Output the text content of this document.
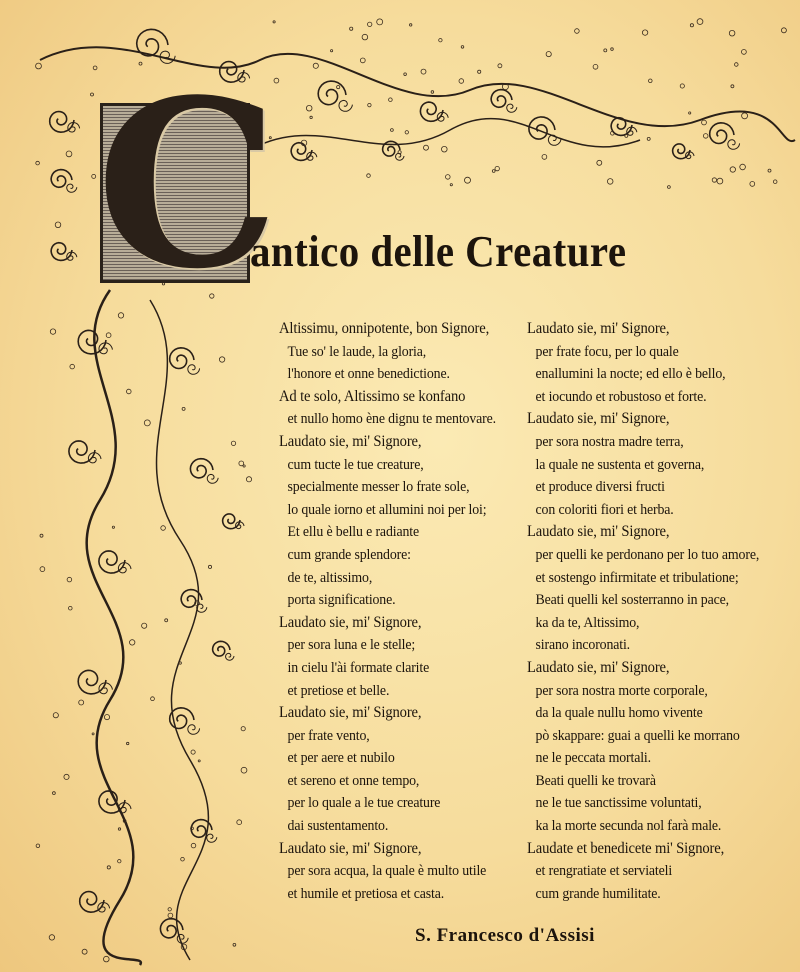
C
antico delle Creature
Altissimu, onnipotente, bon Signore,
Tue so' le laude, la gloria,
l'honore et onne benedictione.
Ad te solo, Altissimo se konfano
et nullo homo ène dignu te mentovare.
Laudato sie, mi' Signore,
cum tucte le tue creature,
specialmente messer lo frate sole,
lo quale iorno et allumini noi per loi;
Et ellu è bellu e radiante
cum grande splendore:
de te, altissimo,
porta significatione.
Laudato sie, mi' Signore,
per sora luna e le stelle;
in cielu l'ài formate clarite
et pretiose et belle.
Laudato sie, mi' Signore,
per frate vento,
et per aere et nubilo
et sereno et onne tempo,
per lo quale a le tue creature
dai sustentamento.
Laudato sie, mi' Signore,
per sora acqua, la quale è multo utile
et humile et pretiosa et casta.
Laudato sie, mi' Signore,
per frate focu, per lo quale
enallumini la nocte; ed ello è bello,
et iocundo et robustoso et forte.
Laudato sie, mi' Signore,
per sora nostra madre terra,
la quale ne sustenta et governa,
et produce diversi fructi
con coloriti fiori et herba.
Laudato sie, mi' Signore,
per quelli ke perdonano per lo tuo amore,
et sostengo infirmitate et tribulatione;
Beati quelli kel sosterranno in pace,
ka da te, Altissimo,
sirano incoronati.
Laudato sie, mi' Signore,
per sora nostra morte corporale,
da la quale nullu homo vivente
pò skappare: guai a quelli ke morrano
ne le peccata mortali.
Beati quelli ke trovarà
ne le tue sanctissime voluntati,
ka la morte secunda nol farà male.
Laudate et benedicete mi' Signore,
et rengratiate et serviateli
cum grande humilitate.
S. Francesco d'Assisi
